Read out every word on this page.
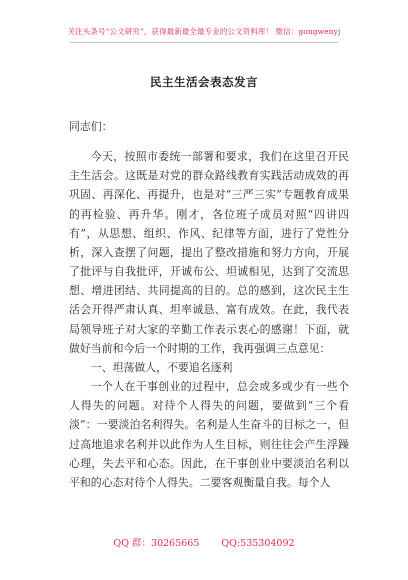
关注头条号“公文研究”，获得最新最全最专业的公文资料库！ 微信：gongwenyj
民主生活会表态发言

同志们：

今天，按照市委统一部署和要求，我们在这里召开民主生活会。这既是对党的群众路线教育实践活动成效的再巩固、再深化、再提升，也是对“三严三实”专题教育成果的再检验、再升华。刚才，各位班子成员对照“四讲四有”，从思想、组织、作风、纪律等方面，进行了党性分析，深入查摆了问题，提出了整改措施和努力方向，开展了批评与自我批评，开诚布公、坦诚相见，达到了交流思想、增进团结、共同提高的目的。总的感到，这次民主生活会开得严肃认真、坦率诚恳、富有成效。在此，我代表局领导班子对大家的辛勤工作表示衷心的感谢！下面，就做好当前和今后一个时期的工作，我再强调三点意见：

一、坦荡做人，不要追名逐利

一个人在干事创业的过程中，总会或多或少有一些个人得失的问题。对待个人得失的问题，要做到“三个看淡”：一要淡泊名利得失。名利是人生奋斗的目标之一，但过高地追求名利并以此作为人生目标，则往往会产生浮躁心理，失去平和心态。因此，在干事创业中要淡泊名利以平和的心态对待个人得失。二要客观衡量自我。每个人

QQ 群：30265665 QQ:535304092
